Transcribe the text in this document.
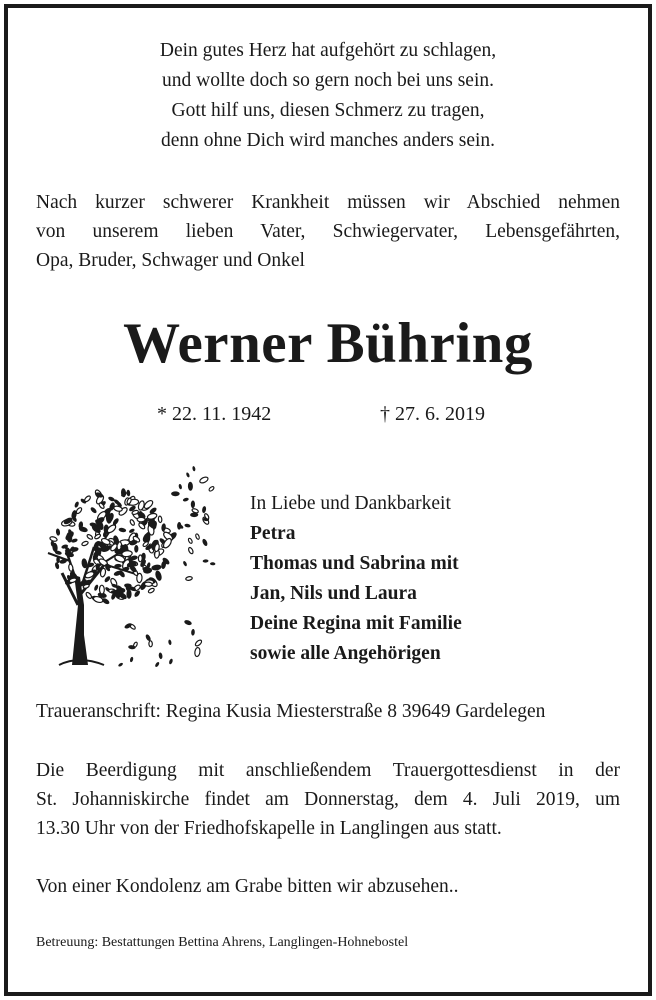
Dein gutes Herz hat aufgehört zu schlagen,
und wollte doch so gern noch bei uns sein.
Gott hilf uns, diesen Schmerz zu tragen,
denn ohne Dich wird manches anders sein.
Nach kurzer schwerer Krankheit müssen wir Abschied nehmen
von unserem lieben Vater, Schwiegervater, Lebensgefährten,
Opa, Bruder, Schwager und Onkel
Werner Bühring
* 22. 11. 1942	† 27. 6. 2019
In Liebe und Dankbarkeit
Petra
Thomas und Sabrina mit
Jan, Nils und Laura
Deine Regina mit Familie
sowie alle Angehörigen
Traueranschrift: Regina Kusia Miesterstraße 8 39649 Gardelegen
Die Beerdigung mit anschließendem Trauergottesdienst in der
St. Johanniskirche findet am Donnerstag, dem 4. Juli 2019, um
13.30 Uhr von der Friedhofskapelle in Langlingen aus statt.
Von einer Kondolenz am Grabe bitten wir abzusehen..
Betreuung: Bestattungen Bettina Ahrens, Langlingen-Hohnebostel
